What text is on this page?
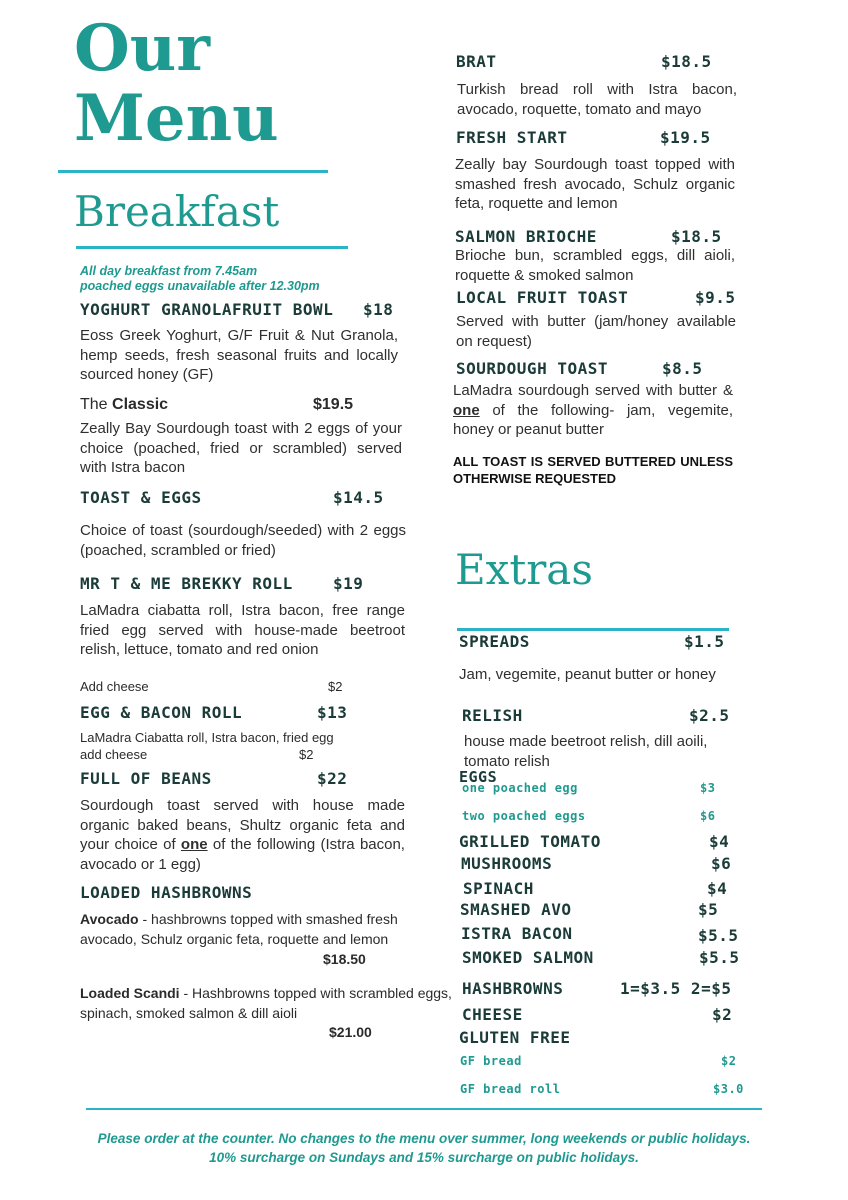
Our
Menu
Breakfast
All day breakfast from 7.45am
poached eggs unavailable after 12.30pm
YOGHURT GRANOLAFRUIT BOWL $18
Eoss Greek Yoghurt, G/F Fruit & Nut Granola, hemp seeds, fresh seasonal fruits and locally sourced honey (GF)
The Classic	$19.5
Zeally Bay Sourdough toast with 2 eggs of your choice (poached, fried or scrambled) served with Istra bacon
TOAST & EGGS	$14.5
Choice of toast (sourdough/seeded) with 2 eggs (poached, scrambled or fried)
MR T & ME BREKKY ROLL	$19
LaMadra ciabatta roll, Istra bacon, free range fried egg served with house-made beetroot relish, lettuce, tomato and red onion
Add cheese	$2
EGG & BACON ROLL	$13
LaMadra Ciabatta roll, Istra bacon, fried egg
add cheese	$2
FULL OF BEANS	$22
Sourdough toast served with house made organic baked beans, Shultz organic feta and your choice of one of the following (Istra bacon, avocado or 1 egg)
LOADED HASHBROWNS
Avocado - hashbrowns topped with smashed fresh avocado, Schulz organic feta, roquette and lemon
$18.50
Loaded Scandi - Hashbrowns topped with scrambled eggs, spinach, smoked salmon & dill aioli
$21.00
BRAT	$18.5
Turkish bread roll with Istra bacon, avocado, roquette, tomato and mayo
FRESH START	$19.5
Zeally bay Sourdough toast topped with smashed fresh avocado, Schulz organic feta, roquette and lemon
SALMON BRIOCHE	$18.5
Brioche bun, scrambled eggs, dill aioli, roquette & smoked salmon
LOCAL FRUIT TOAST	$9.5
Served with butter (jam/honey available on request)
SOURDOUGH TOAST	$8.5
LaMadra sourdough served with butter & one of the following- jam, vegemite, honey or peanut butter
ALL TOAST IS SERVED BUTTERED UNLESS OTHERWISE REQUESTED
Extras
SPREADS	$1.5
Jam, vegemite, peanut butter or honey
RELISH	$2.5
house made beetroot relish, dill aoili, tomato relish
EGGS
one poached egg	$3
two poached eggs	$6
GRILLED TOMATO	$4
MUSHROOMS	$6
SPINACH	$4
SMASHED AVO	$5
ISTRA BACON	$5.5
SMOKED SALMON	$5.5
HASHBROWNS	1=$3.5 2=$5
CHEESE	$2
GLUTEN FREE
GF bread	$2
GF bread roll	$3.0
Please order at the counter. No changes to the menu over summer, long weekends or public holidays. 10% surcharge on Sundays and 15% surcharge on public holidays.
